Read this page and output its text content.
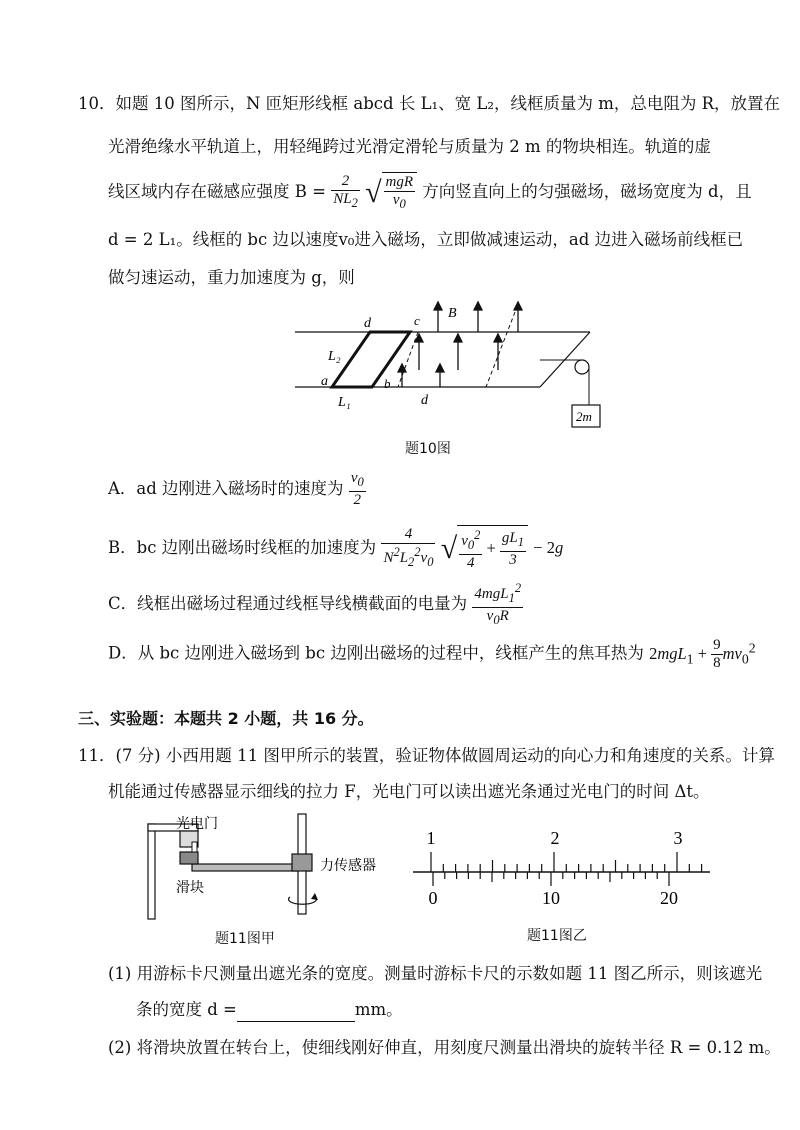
10．如题 10 图所示，N 匝矩形线框 abcd 长 L₁、宽 L₂，线框质量为 m，总电阻为 R，放置在
光滑绝缘水平轨道上，用轻绳跨过光滑定滑轮与质量为 2 m 的物块相连。轨道的虚
线区域内存在磁感应强度 $B = \frac{2}{NL_2}$ √ $\frac{\text{mgR}}{v_0}$ 方向竖直向上的匀强磁场，磁场宽度为 d，且
d = 2 L₁。线框的 bc 边以速度v₀进入磁场，立即做减速运动，ad 边进入磁场前线框已
做匀速运动，重力加速度为 g，则
d	c B
L₂
a	b
L₁	d
2m
题10图
A．ad 边刚进入磁场时的速度为 $\frac{v_0}{2}$
B．bc 边刚出磁场时线框的加速度为 $\frac{4}{N^2L_2^2v_0}$ √ $\frac{v_0^2}{4} + \frac{gL_1}{3} - 2g$
C．线框出磁场过程通过线框导线横截面的电量为 $\frac{4mgL_1^2}{v_0R}$
D．从 bc 边刚进入磁场到 bc 边刚出磁场的过程中，线框产生的焦耳热为 $2mgL_1 + \frac{9}{8} mv_0^2$
三、实验题：本题共 2 小题，共 16 分。
11．(7 分) 小西用题 11 图甲所示的装置，验证物体做圆周运动的向心力和角速度的关系。计算
机能通过传感器显示细线的拉力 F，光电门可以读出遮光条通过光电门的时间 Δt。
光电门
滑块
力传感器
题11图甲
1	2	3
0	10	20
题11图乙
(1) 用游标卡尺测量出遮光条的宽度。测量时游标卡尺的示数如题 11 图乙所示，则该遮光
条的宽度 d =	mm。
(2) 将滑块放置在转台上，使细线刚好伸直，用刻度尺测量出滑块的旋转半径 R = 0.12 m。
